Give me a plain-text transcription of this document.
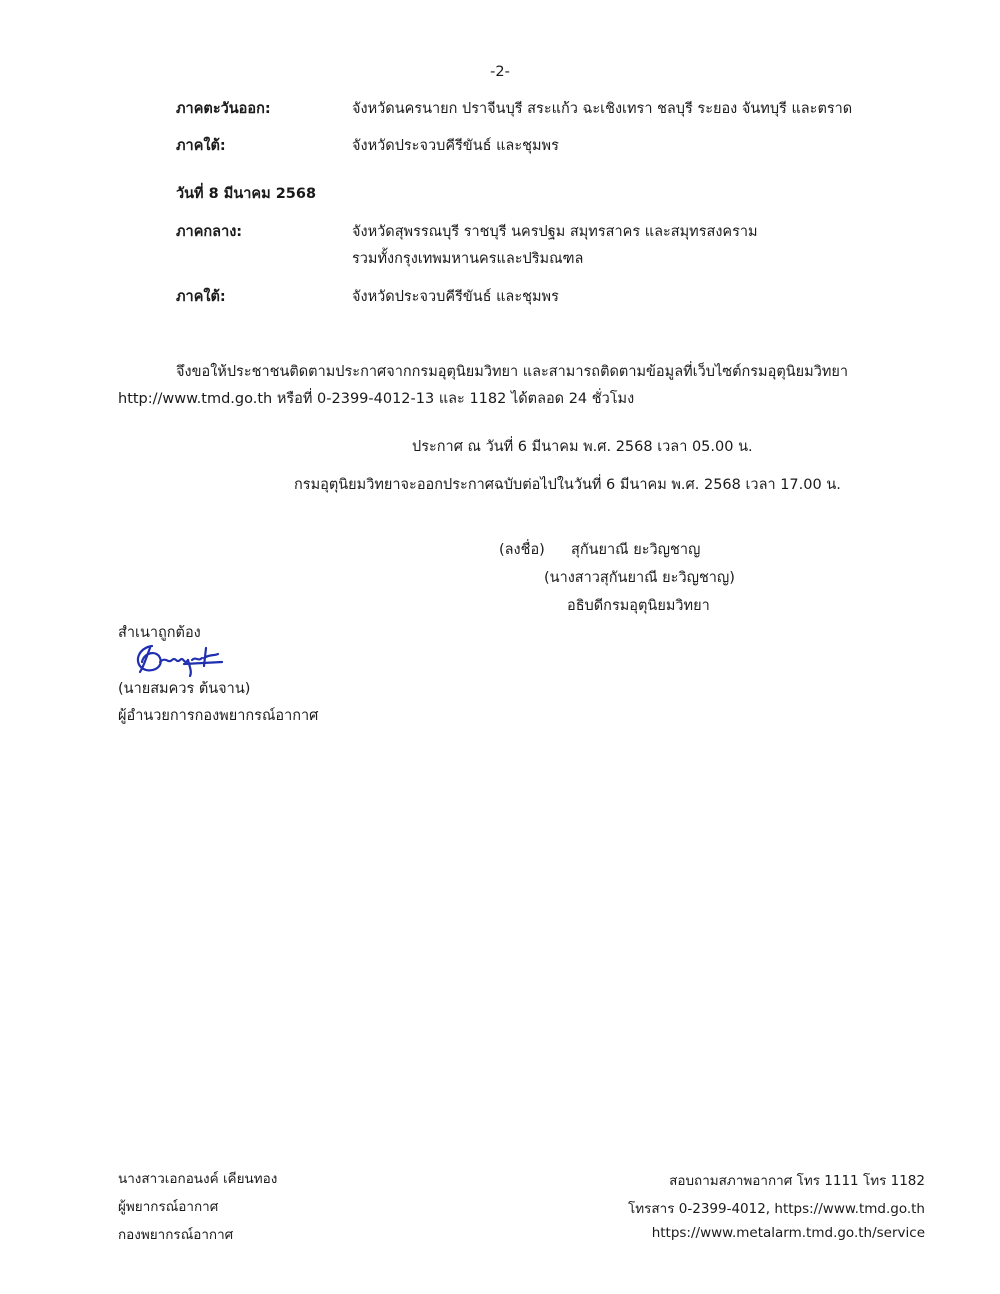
-2-
ภาคตะวันออก:	จังหวัดนครนายก ปราจีนบุรี สระแก้ว ฉะเชิงเทรา ชลบุรี ระยอง จันทบุรี และตราด
ภาคใต้:	จังหวัดประจวบคีรีขันธ์ และชุมพร
วันที่ 8 มีนาคม 2568
ภาคกลาง:	จังหวัดสุพรรณบุรี ราชบุรี นครปฐม สมุทรสาคร และสมุทรสงคราม
รวมทั้งกรุงเทพมหานครและปริมณฑล
ภาคใต้:	จังหวัดประจวบคีรีขันธ์ และชุมพร
จึงขอให้ประชาชนติดตามประกาศจากกรมอุตุนิยมวิทยา และสามารถติดตามข้อมูลที่เว็บไซต์กรมอุตุนิยมวิทยา
http://www.tmd.go.th หรือที่ 0-2399-4012-13 และ 1182 ได้ตลอด 24 ชั่วโมง
ประกาศ ณ วันที่ 6 มีนาคม พ.ศ. 2568 เวลา 05.00 น.
กรมอุตุนิยมวิทยาจะออกประกาศฉบับต่อไปในวันที่ 6 มีนาคม พ.ศ. 2568 เวลา 17.00 น.
(ลงชื่อ) สุกันยาณี ยะวิญชาญ
(นางสาวสุกันยาณี ยะวิญชาญ)
อธิบดีกรมอุตุนิยมวิทยา
สำเนาถูกต้อง
(นายสมควร ต้นจาน)
ผู้อำนวยการกองพยากรณ์อากาศ
นางสาวเอกอนงค์ เคียนทอง
ผู้พยากรณ์อากาศ
กองพยากรณ์อากาศ
สอบถามสภาพอากาศ โทร 1111 โทร 1182
โทรสาร 0-2399-4012, https://www.tmd.go.th
https://www.metalarm.tmd.go.th/service
